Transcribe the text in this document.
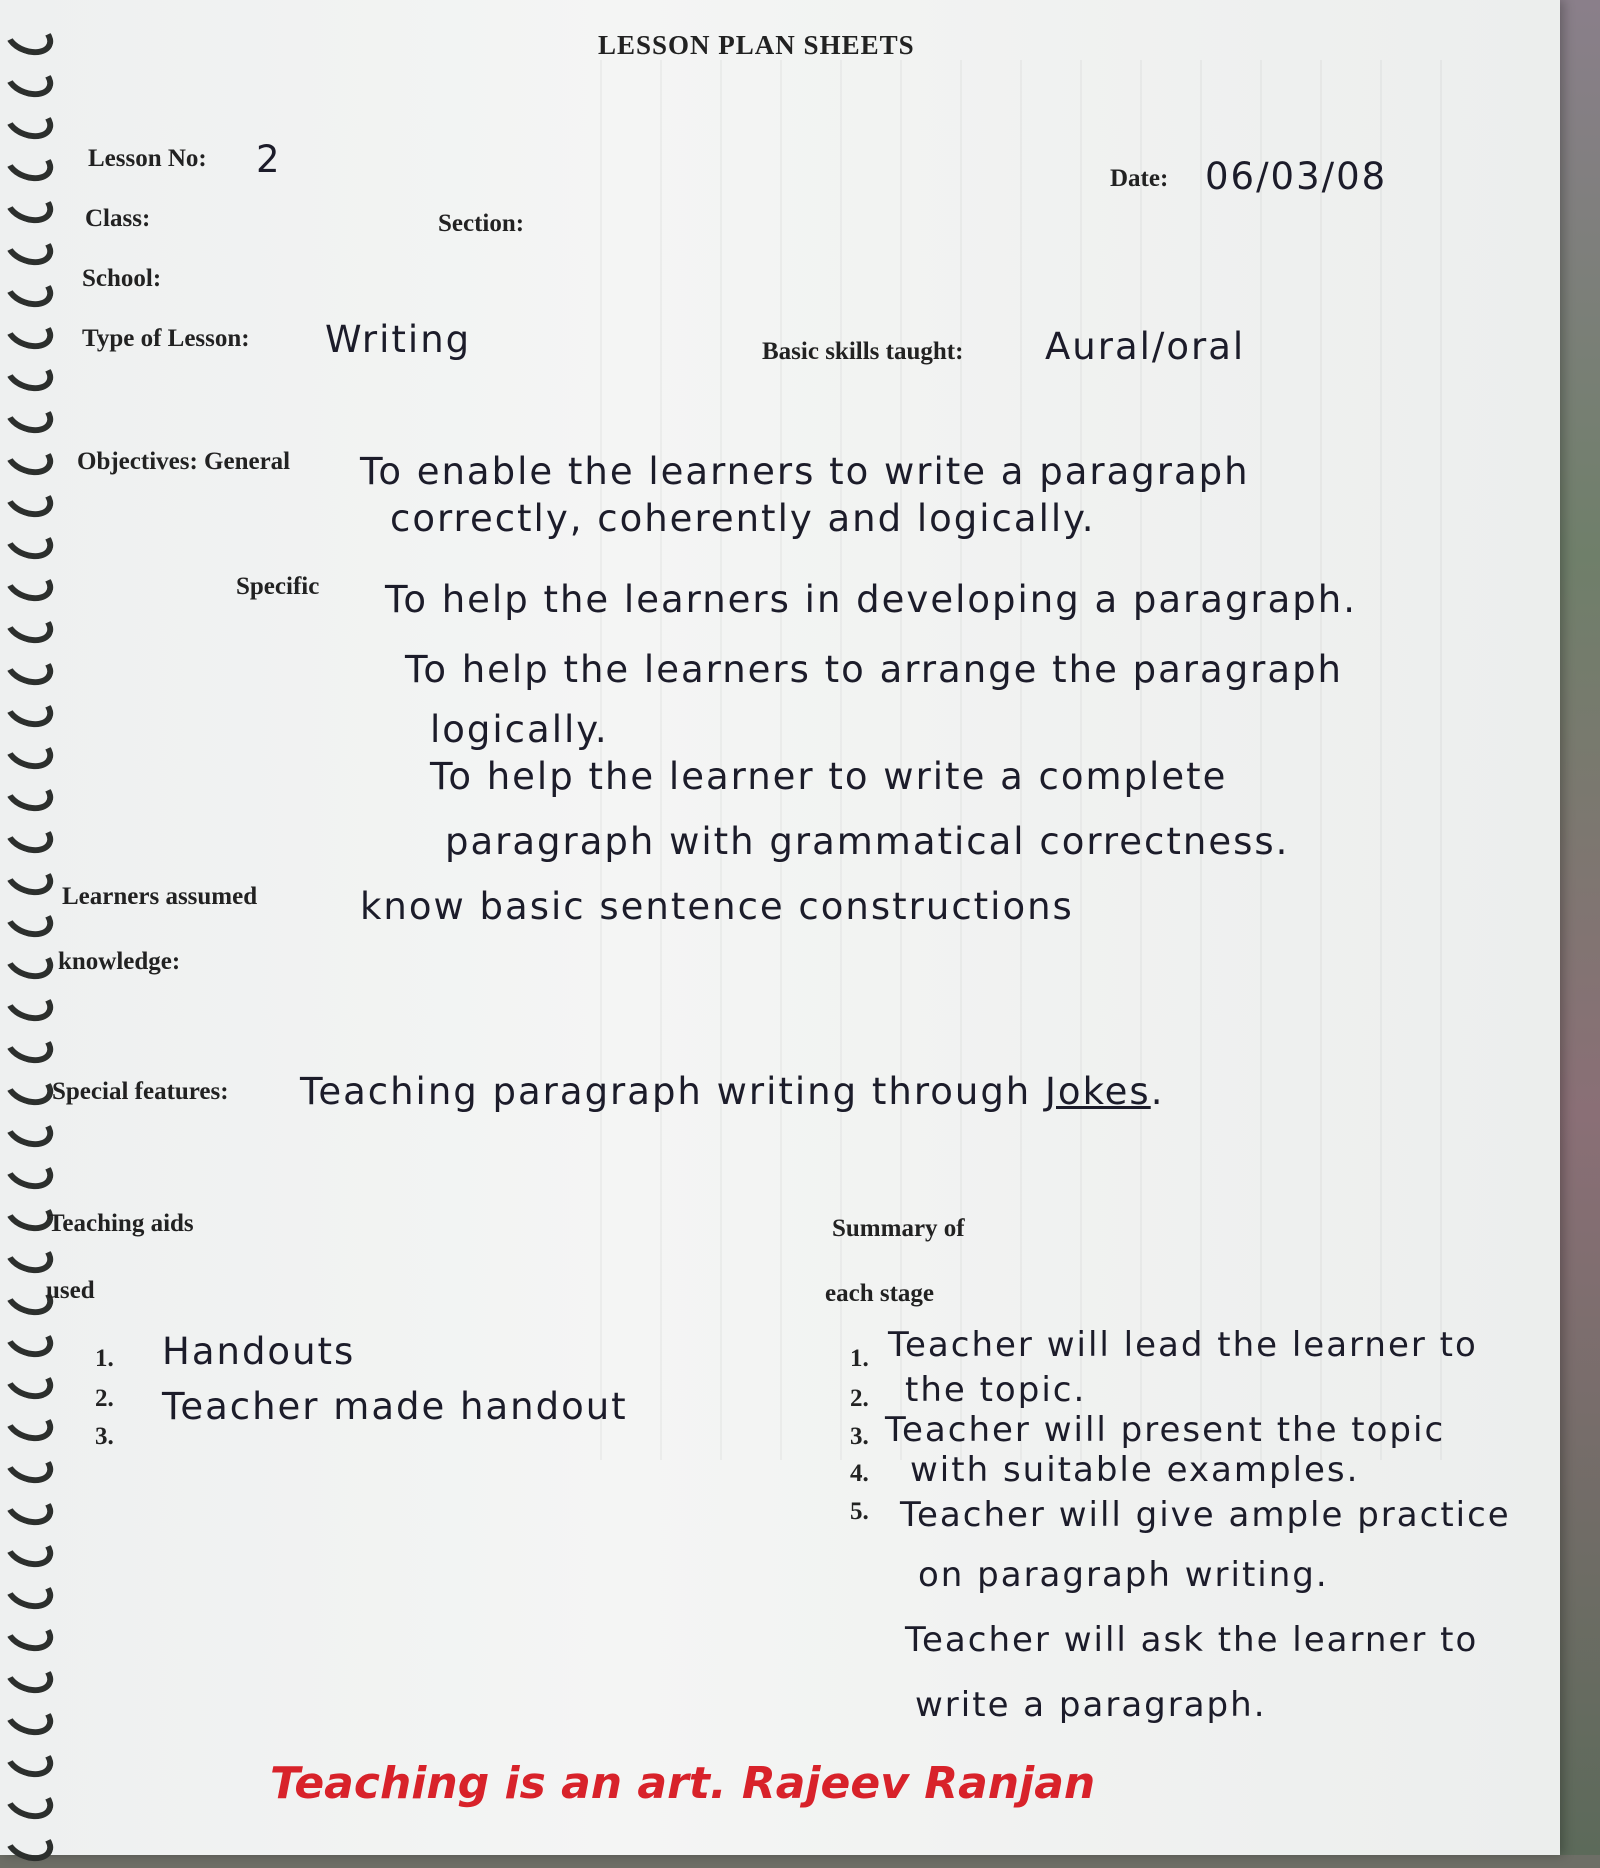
LESSON PLAN SHEETS
Lesson No: 2	Date: 06/03/08
Class:	Section:
School:
Type of Lesson: Writing	Basic skills taught: Aural/oral
Objectives: General To enable the learners to write a paragraph
correctly, coherently and logically.
Specific To help the learners in developing a paragraph.
To help the learners to arrange the paragraph
logically.
To help the learner to write a complete
paragraph with grammatical correctness.
Learners assumed	know basic sentence constructions
knowledge:
Special features: Teaching paragraph writing through Jokes.
Teaching aids
used
1.
2.
3.
Handouts
Teacher made handout
Summary of
each stage
1.
2.
3.
4.
5.
Teacher will lead the learner to
the topic.
Teacher will present the topic
with suitable examples.
Teacher will give ample practice
on paragraph writing.
Teacher will ask the learner to
write a paragraph.
Teaching is an art. Rajeev Ranjan
